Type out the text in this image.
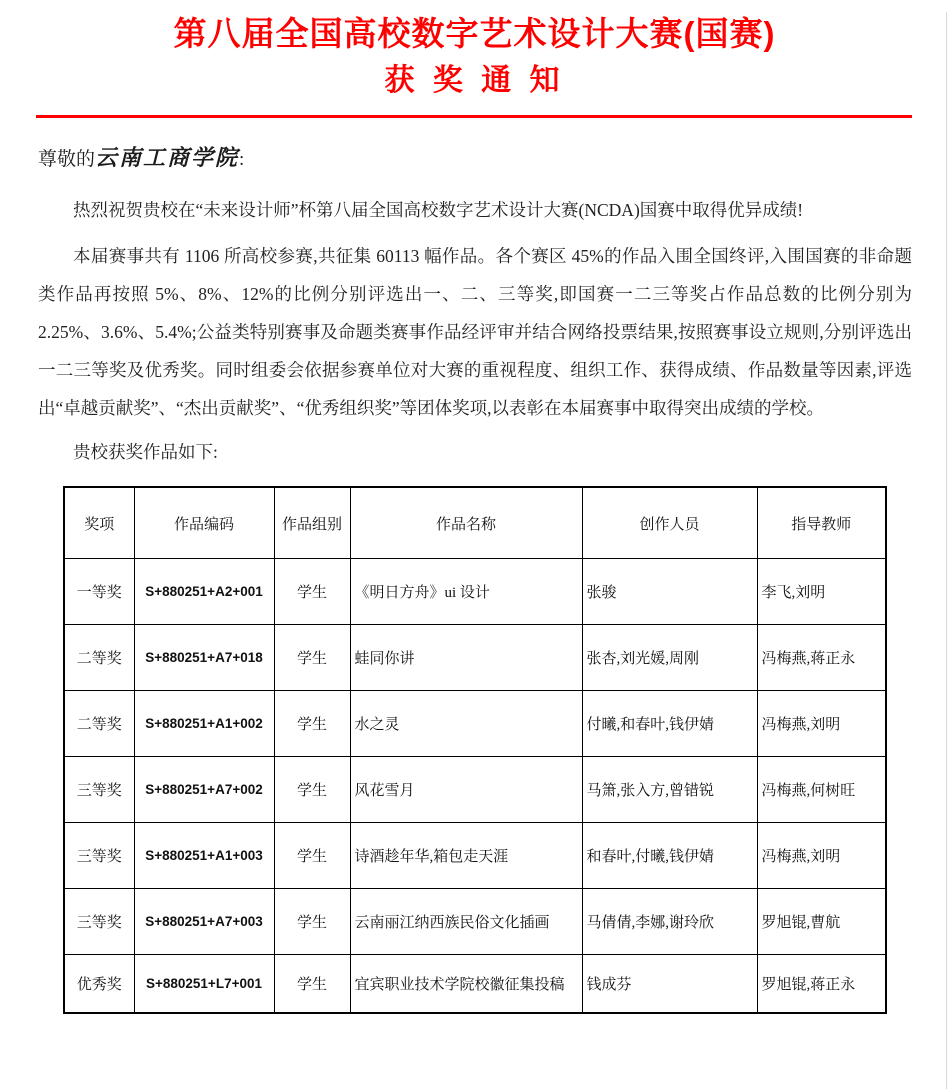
第八届全国高校数字艺术设计大赛(国赛)
获 奖 通 知

尊敬的云南工商学院:

热烈祝贺贵校在“未来设计师”杯第八届全国高校数字艺术设计大赛(NCDA)国赛中取得优异成绩!

本届赛事共有 1106 所高校参赛,共征集 60113 幅作品。各个赛区 45%的作品入围全国终评,入围国赛的非命题类作品再按照 5%、8%、12%的比例分别评选出一、二、三等奖,即国赛一二三等奖占作品总数的比例分别为 2.25%、3.6%、5.4%;公益类特别赛事及命题类赛事作品经评审并结合网络投票结果,按照赛事设立规则,分别评选出一二三等奖及优秀奖。同时组委会依据参赛单位对大赛的重视程度、组织工作、获得成绩、作品数量等因素,评选出“卓越贡献奖”、“杰出贡献奖”、“优秀组织奖”等团体奖项,以表彰在本届赛事中取得突出成绩的学校。

贵校获奖作品如下:

奖项	作品编码	作品组别	作品名称	创作人员	指导教师
一等奖	S+880251+A2+001	学生	《明日方舟》ui 设计	张骏	李飞,刘明
二等奖	S+880251+A7+018	学生	蛙同你讲	张杏,刘光媛,周刚	冯梅燕,蒋正永
二等奖	S+880251+A1+002	学生	水之灵	付曦,和春叶,钱伊婧	冯梅燕,刘明
三等奖	S+880251+A7+002	学生	风花雪月	马箫,张入方,曾错锐	冯梅燕,何树旺
三等奖	S+880251+A1+003	学生	诗酒趁年华,箱包走天涯	和春叶,付曦,钱伊婧	冯梅燕,刘明
三等奖	S+880251+A7+003	学生	云南丽江纳西族民俗文化插画	马倩倩,李娜,谢玲欣	罗旭锟,曹航
优秀奖	S+880251+L7+001	学生	宜宾职业技术学院校徽征集投稿	钱成芬	罗旭锟,蒋正永
